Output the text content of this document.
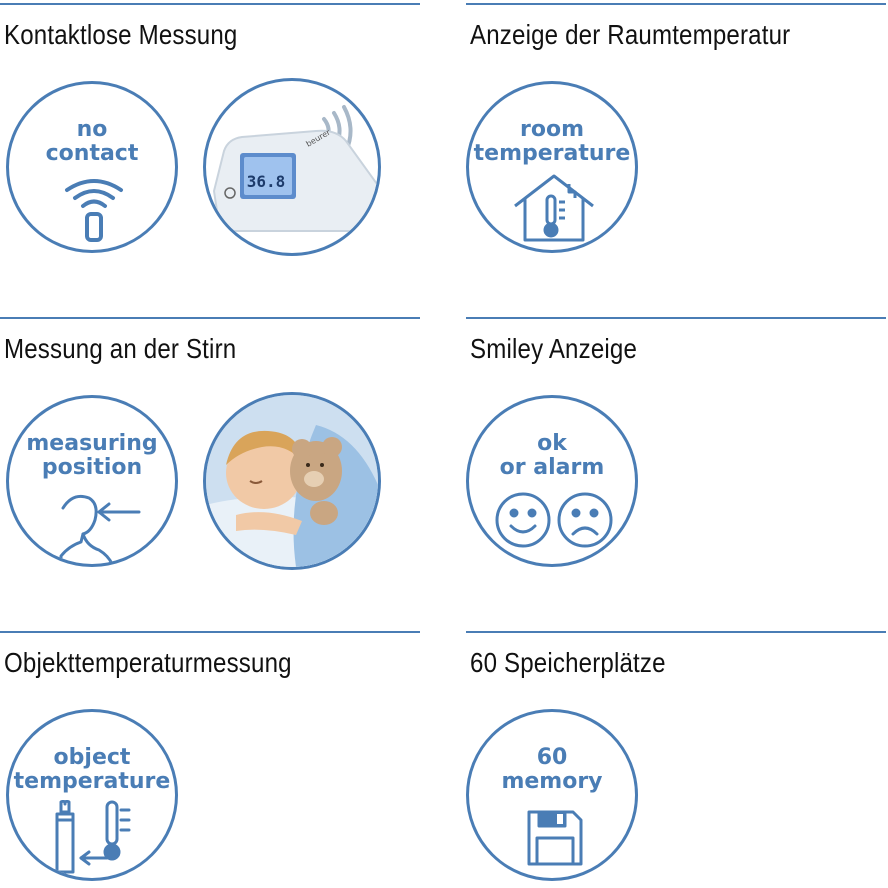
Kontaktlose Messung
no
contact
36.8
beurer
Anzeige der Raumtemperatur
room
temperature
Messung an der Stirn
measuring
position
Smiley Anzeige
ok
or alarm
Objekttemperaturmessung
object
temperature
60 Speicherplätze
60
memory
